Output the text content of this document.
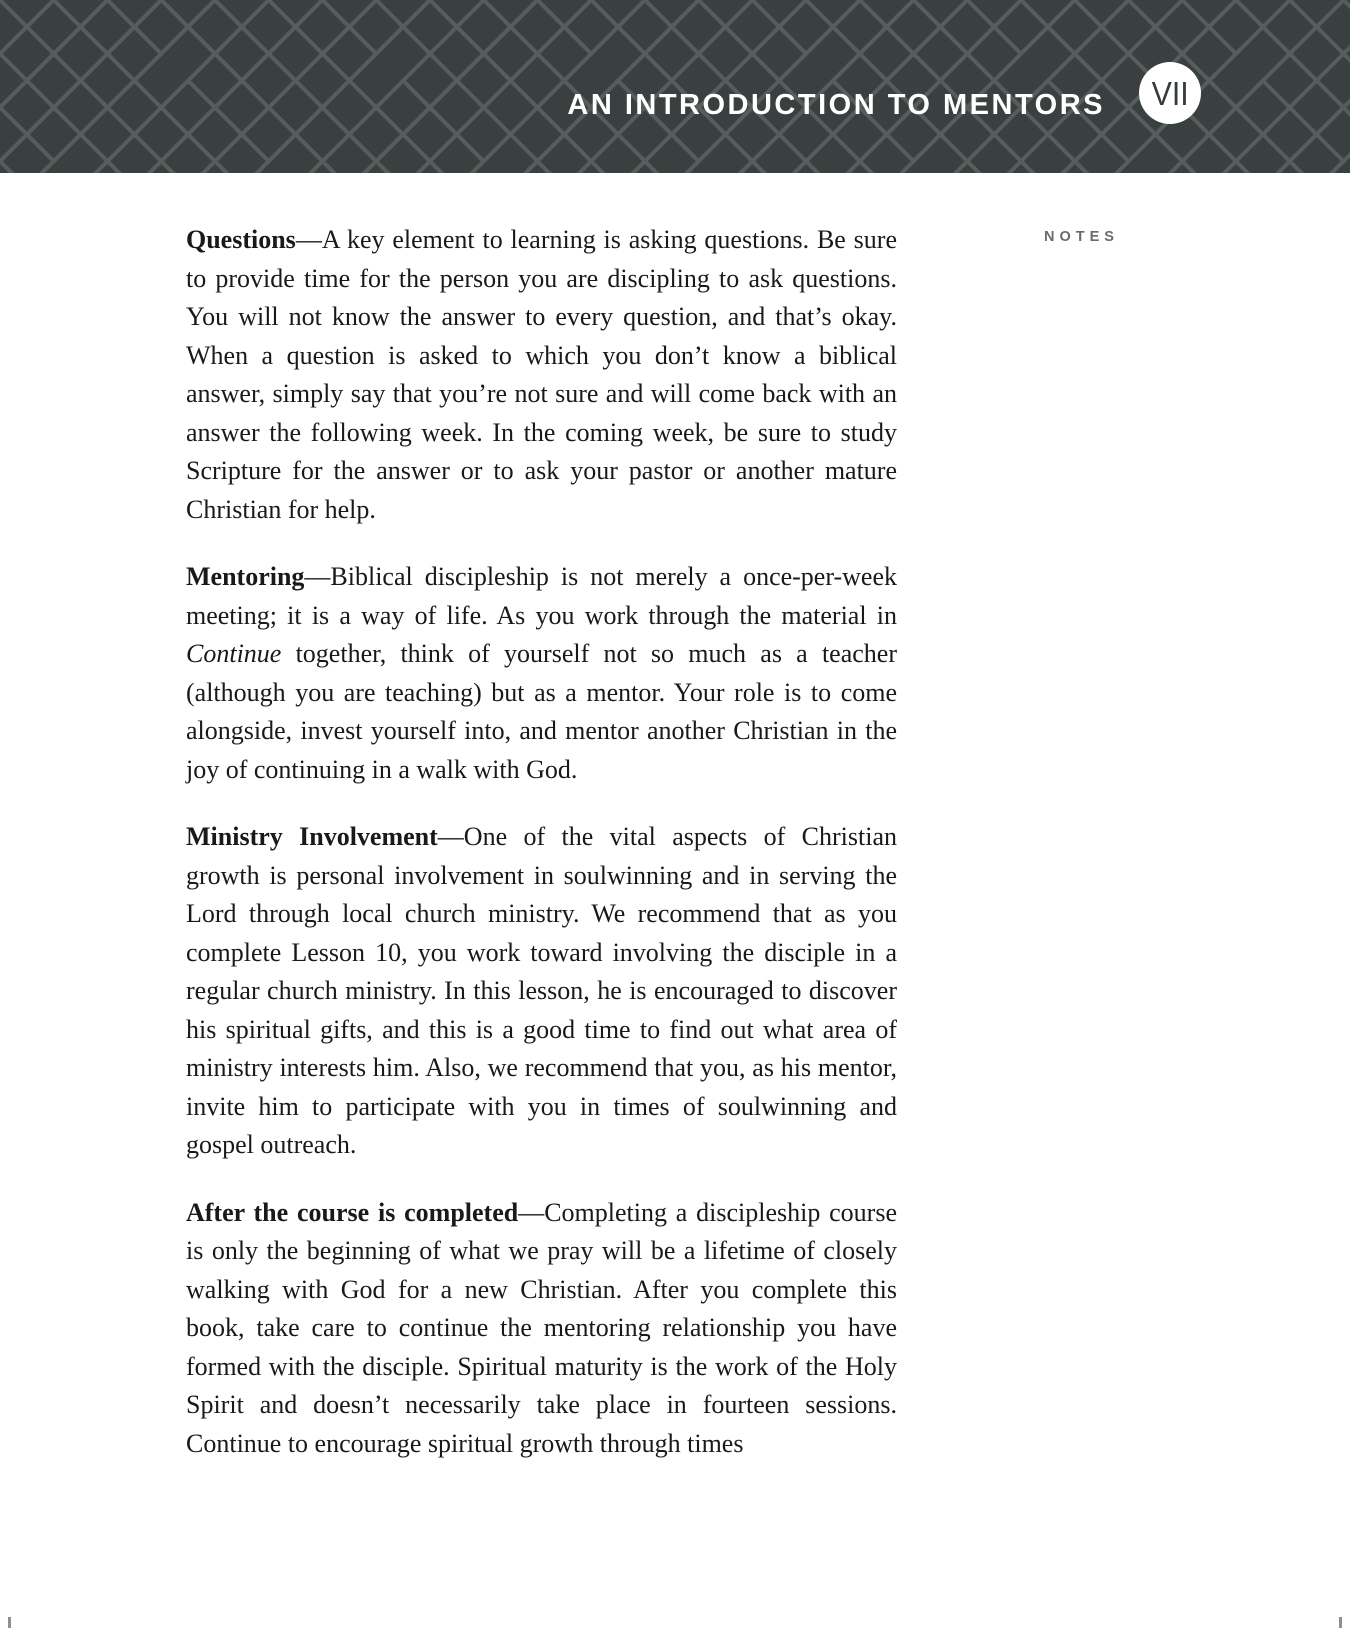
AN INTRODUCTION TO MENTORS VII
NOTES

Questions—A key element to learning is asking questions. Be sure to provide time for the person you are discipling to ask questions. You will not know the answer to every question, and that’s okay. When a question is asked to which you don’t know a biblical answer, simply say that you’re not sure and will come back with an answer the following week. In the coming week, be sure to study Scripture for the answer or to ask your pastor or another mature Christian for help.

Mentoring—Biblical discipleship is not merely a once-per-week meeting; it is a way of life. As you work through the material in Continue together, think of yourself not so much as a teacher (although you are teaching) but as a mentor. Your role is to come alongside, invest yourself into, and mentor another Christian in the joy of continuing in a walk with God.

Ministry Involvement—One of the vital aspects of Christian growth is personal involvement in soulwinning and in serving the Lord through local church ministry. We recommend that as you complete Lesson 10, you work toward involving the disciple in a regular church ministry. In this lesson, he is encouraged to discover his spiritual gifts, and this is a good time to find out what area of ministry interests him. Also, we recommend that you, as his mentor, invite him to participate with you in times of soulwinning and gospel outreach.

After the course is completed—Completing a discipleship course is only the beginning of what we pray will be a lifetime of closely walking with God for a new Christian. After you complete this book, take care to continue the mentoring relationship you have formed with the disciple. Spiritual maturity is the work of the Holy Spirit and doesn’t necessarily take place in fourteen sessions. Continue to encourage spiritual growth through times
